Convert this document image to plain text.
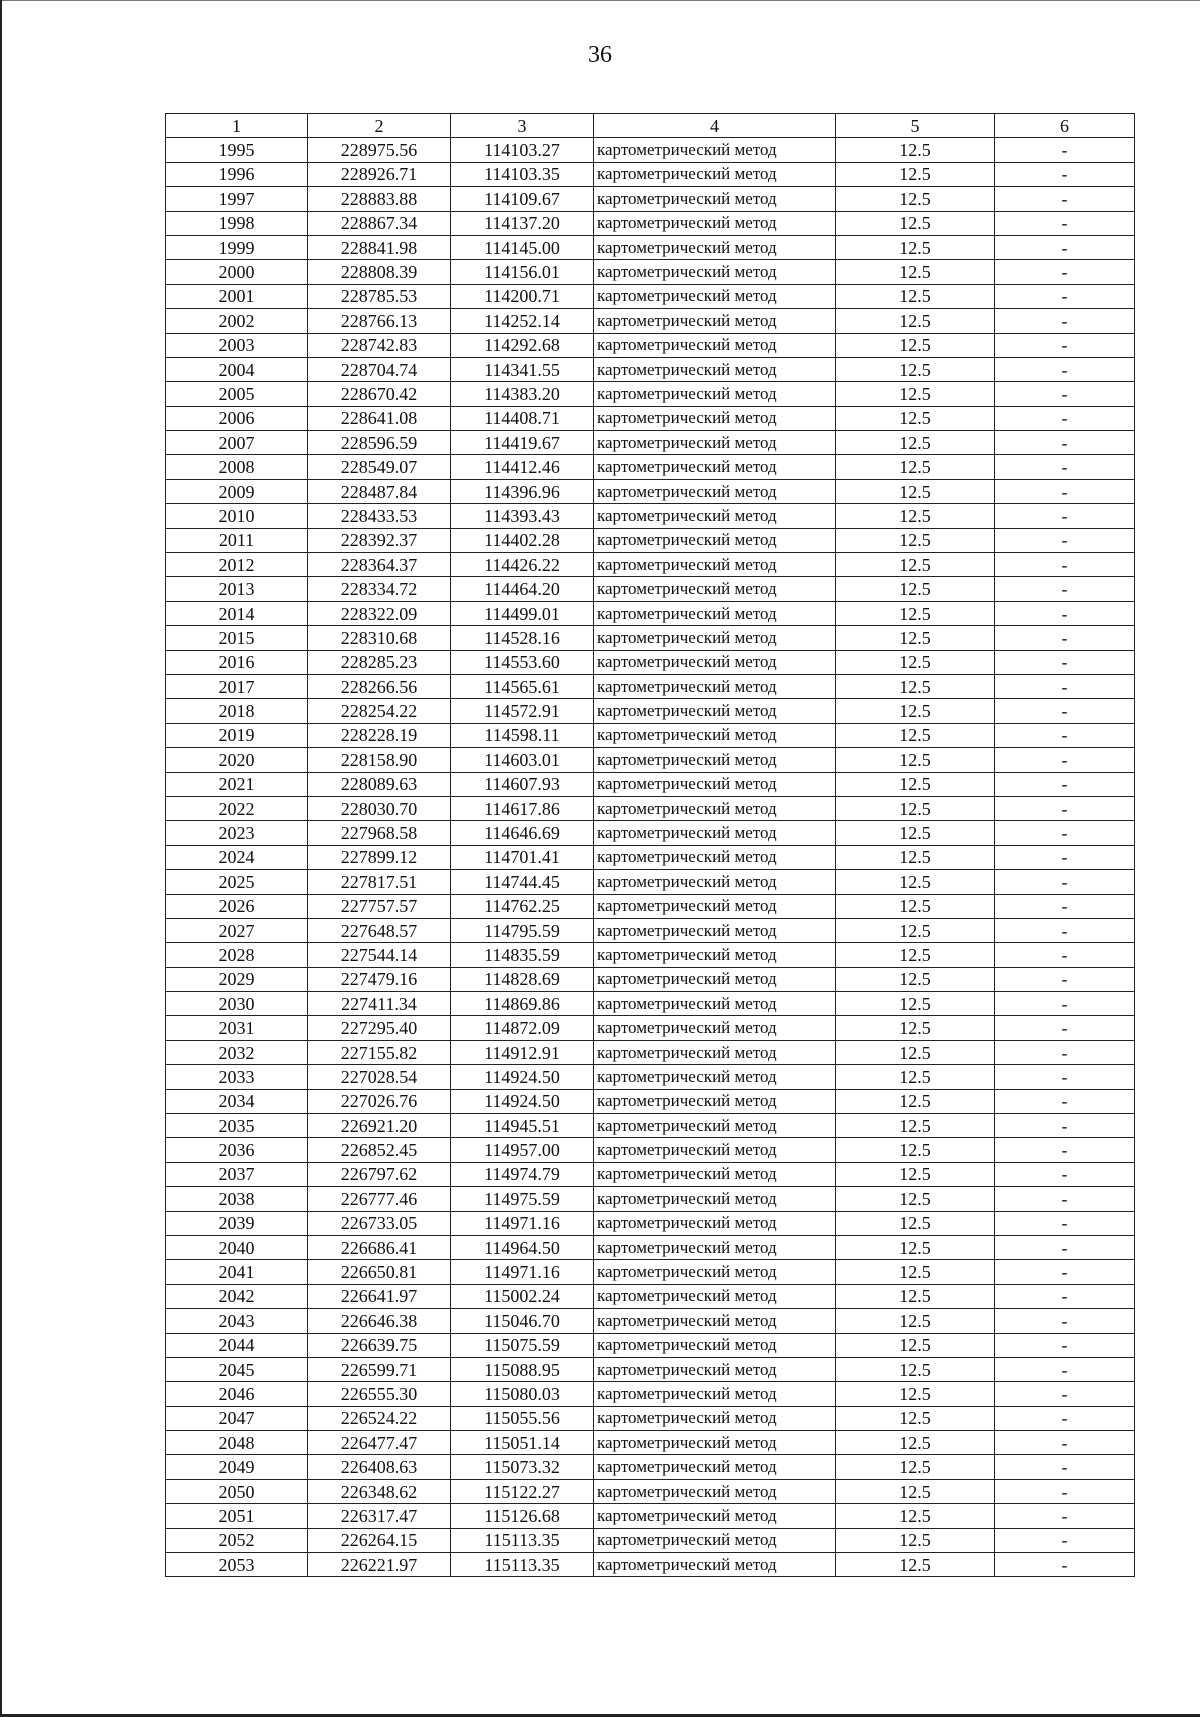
36
1	2	3	4	5	6
1995	228975.56	114103.27	картометрический метод	12.5	-
1996	228926.71	114103.35	картометрический метод	12.5	-
1997	228883.88	114109.67	картометрический метод	12.5	-
1998	228867.34	114137.20	картометрический метод	12.5	-
1999	228841.98	114145.00	картометрический метод	12.5	-
2000	228808.39	114156.01	картометрический метод	12.5	-
2001	228785.53	114200.71	картометрический метод	12.5	-
2002	228766.13	114252.14	картометрический метод	12.5	-
2003	228742.83	114292.68	картометрический метод	12.5	-
2004	228704.74	114341.55	картометрический метод	12.5	-
2005	228670.42	114383.20	картометрический метод	12.5	-
2006	228641.08	114408.71	картометрический метод	12.5	-
2007	228596.59	114419.67	картометрический метод	12.5	-
2008	228549.07	114412.46	картометрический метод	12.5	-
2009	228487.84	114396.96	картометрический метод	12.5	-
2010	228433.53	114393.43	картометрический метод	12.5	-
2011	228392.37	114402.28	картометрический метод	12.5	-
2012	228364.37	114426.22	картометрический метод	12.5	-
2013	228334.72	114464.20	картометрический метод	12.5	-
2014	228322.09	114499.01	картометрический метод	12.5	-
2015	228310.68	114528.16	картометрический метод	12.5	-
2016	228285.23	114553.60	картометрический метод	12.5	-
2017	228266.56	114565.61	картометрический метод	12.5	-
2018	228254.22	114572.91	картометрический метод	12.5	-
2019	228228.19	114598.11	картометрический метод	12.5	-
2020	228158.90	114603.01	картометрический метод	12.5	-
2021	228089.63	114607.93	картометрический метод	12.5	-
2022	228030.70	114617.86	картометрический метод	12.5	-
2023	227968.58	114646.69	картометрический метод	12.5	-
2024	227899.12	114701.41	картометрический метод	12.5	-
2025	227817.51	114744.45	картометрический метод	12.5	-
2026	227757.57	114762.25	картометрический метод	12.5	-
2027	227648.57	114795.59	картометрический метод	12.5	-
2028	227544.14	114835.59	картометрический метод	12.5	-
2029	227479.16	114828.69	картометрический метод	12.5	-
2030	227411.34	114869.86	картометрический метод	12.5	-
2031	227295.40	114872.09	картометрический метод	12.5	-
2032	227155.82	114912.91	картометрический метод	12.5	-
2033	227028.54	114924.50	картометрический метод	12.5	-
2034	227026.76	114924.50	картометрический метод	12.5	-
2035	226921.20	114945.51	картометрический метод	12.5	-
2036	226852.45	114957.00	картометрический метод	12.5	-
2037	226797.62	114974.79	картометрический метод	12.5	-
2038	226777.46	114975.59	картометрический метод	12.5	-
2039	226733.05	114971.16	картометрический метод	12.5	-
2040	226686.41	114964.50	картометрический метод	12.5	-
2041	226650.81	114971.16	картометрический метод	12.5	-
2042	226641.97	115002.24	картометрический метод	12.5	-
2043	226646.38	115046.70	картометрический метод	12.5	-
2044	226639.75	115075.59	картометрический метод	12.5	-
2045	226599.71	115088.95	картометрический метод	12.5	-
2046	226555.30	115080.03	картометрический метод	12.5	-
2047	226524.22	115055.56	картометрический метод	12.5	-
2048	226477.47	115051.14	картометрический метод	12.5	-
2049	226408.63	115073.32	картометрический метод	12.5	-
2050	226348.62	115122.27	картометрический метод	12.5	-
2051	226317.47	115126.68	картометрический метод	12.5	-
2052	226264.15	115113.35	картометрический метод	12.5	-
2053	226221.97	115113.35	картометрический метод	12.5	-
